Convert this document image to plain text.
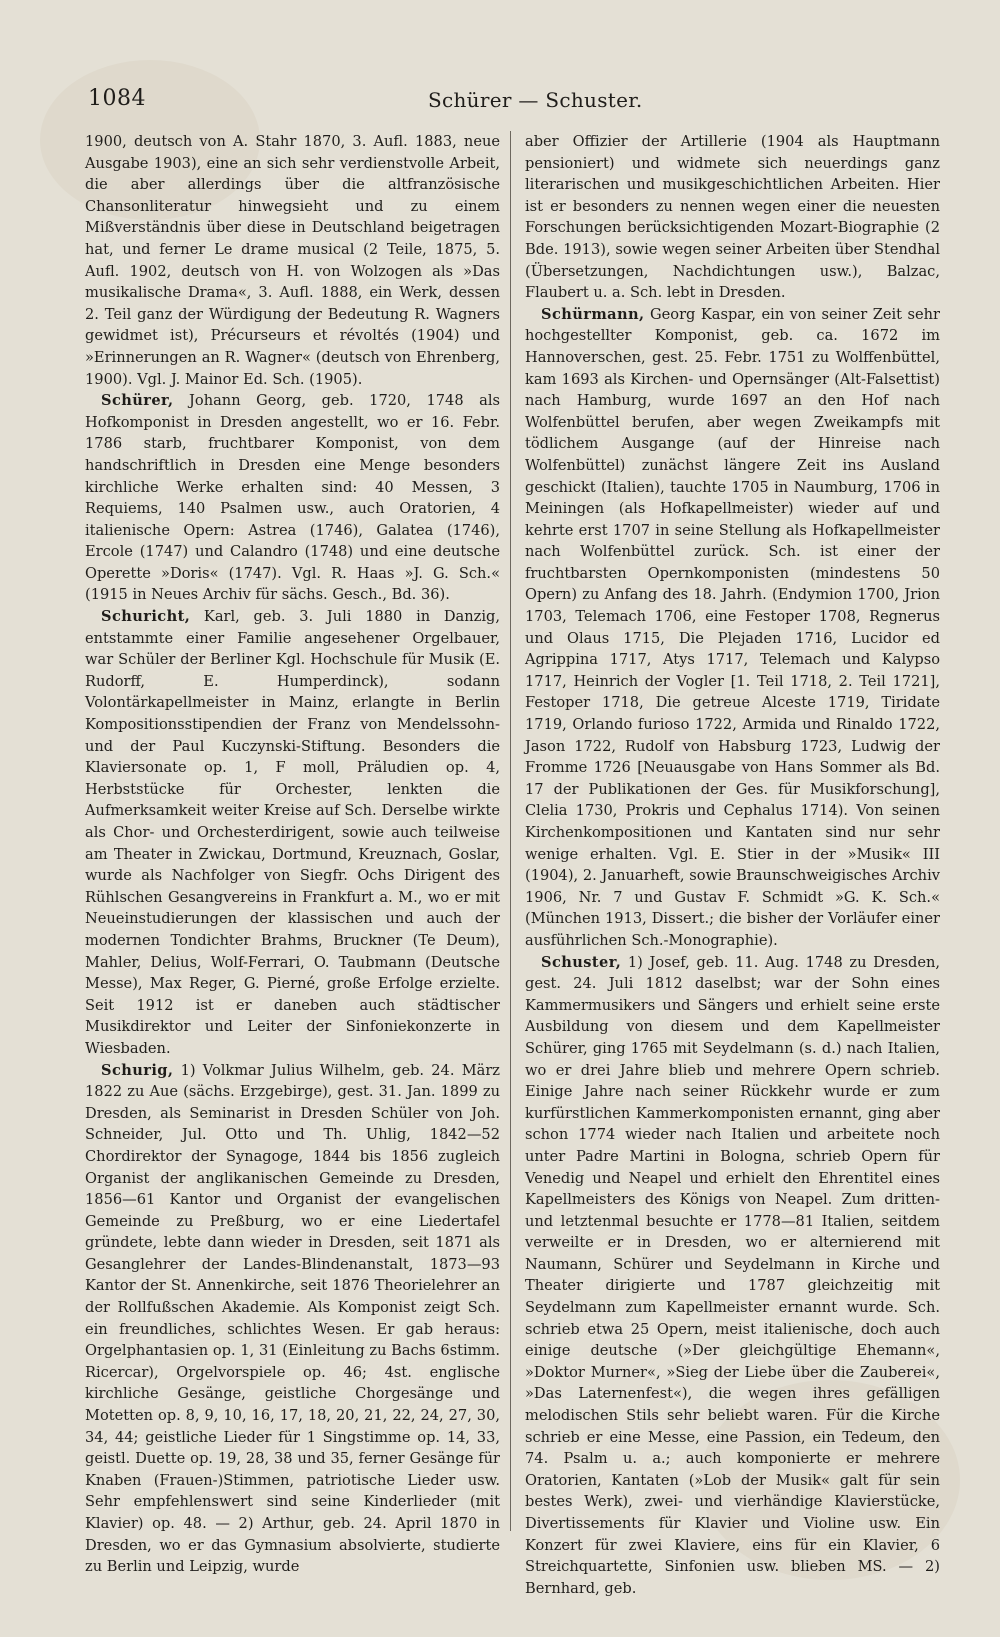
1084	Schürer — Schuster.

1900, deutsch von A. Stahr 1870, 3. Aufl. 1883, neue Ausgabe 1903), eine an sich sehr verdienstvolle Arbeit, die aber allerdings über die altfranzösische Chansonliteratur hinwegsieht und zu einem Mißverständnis über diese in Deutschland beigetragen hat, und ferner Le drame musical (2 Teile, 1875, 5. Aufl. 1902, deutsch von H. von Wolzogen als »Das musikalische Drama«, 3. Aufl. 1888, ein Werk, dessen 2. Teil ganz der Würdigung der Bedeutung R. Wagners gewidmet ist), Précurseurs et révoltés (1904) und »Erinnerungen an R. Wagner« (deutsch von Ehrenberg, 1900). Vgl. J. Mainor Ed. Sch. (1905).

Schürer, Johann Georg, geb. 1720, 1748 als Hofkomponist in Dresden angestellt, wo er 16. Febr. 1786 starb, fruchtbarer Komponist, von dem handschriftlich in Dresden eine Menge besonders kirchliche Werke erhalten sind: 40 Messen, 3 Requiems, 140 Psalmen usw., auch Oratorien, 4 italienische Opern: Astrea (1746), Galatea (1746), Ercole (1747) und Calandro (1748) und eine deutsche Operette »Doris« (1747). Vgl. R. Haas »J. G. Sch.« (1915 in Neues Archiv für sächs. Gesch., Bd. 36).

Schuricht, Karl, geb. 3. Juli 1880 in Danzig, entstammte einer Familie angesehener Orgelbauer, war Schüler der Berliner Kgl. Hochschule für Musik (E. Rudorff, E. Humperdinck), sodann Volontärkapellmeister in Mainz, erlangte in Berlin Kompositionsstipendien der Franz von Mendelssohn- und der Paul Kuczynski-Stiftung. Besonders die Klaviersonate op. 1, F moll, Präludien op. 4, Herbststücke für Orchester, lenkten die Aufmerksamkeit weiter Kreise auf Sch. Derselbe wirkte als Chor- und Orchesterdirigent, sowie auch teilweise am Theater in Zwickau, Dortmund, Kreuznach, Goslar, wurde als Nachfolger von Siegfr. Ochs Dirigent des Rühlschen Gesangvereins in Frankfurt a. M., wo er mit Neueinstudierungen der klassischen und auch der modernen Tondichter Brahms, Bruckner (Te Deum), Mahler, Delius, Wolf-Ferrari, O. Taubmann (Deutsche Messe), Max Reger, G. Pierné, große Erfolge erzielte. Seit 1912 ist er daneben auch städtischer Musikdirektor und Leiter der Sinfoniekonzerte in Wiesbaden.

Schurig, 1) Volkmar Julius Wilhelm, geb. 24. März 1822 zu Aue (sächs. Erzgebirge), gest. 31. Jan. 1899 zu Dresden, als Seminarist in Dresden Schüler von Joh. Schneider, Jul. Otto und Th. Uhlig, 1842—52 Chordirektor der Synagoge, 1844 bis 1856 zugleich Organist der anglikanischen Gemeinde zu Dresden, 1856—61 Kantor und Organist der evangelischen Gemeinde zu Preßburg, wo er eine Liedertafel gründete, lebte dann wieder in Dresden, seit 1871 als Gesanglehrer der Landes-Blindenanstalt, 1873—93 Kantor der St. Annenkirche, seit 1876 Theorielehrer an der Rollfußschen Akademie. Als Komponist zeigt Sch. ein freundliches, schlichtes Wesen. Er gab heraus: Orgelphantasien op. 1, 31 (Einleitung zu Bachs 6stimm. Ricercar), Orgelvorspiele op. 46; 4st. englische kirchliche Gesänge, geistliche Chorgesänge und Motetten op. 8, 9, 10, 16, 17, 18, 20, 21, 22, 24, 27, 30, 34, 44; geistliche Lieder für 1 Singstimme op. 14, 33, geistl. Duette op. 19, 28, 38 und 35, ferner Gesänge für Knaben (Frauen-)Stimmen, patriotische Lieder usw. Sehr empfehlenswert sind seine Kinderlieder (mit Klavier) op. 48. — 2) Arthur, geb. 24. April 1870 in Dresden, wo er das Gymnasium absolvierte, studierte zu Berlin und Leipzig, wurde

aber Offizier der Artillerie (1904 als Hauptmann pensioniert) und widmete sich neuerdings ganz literarischen und musikgeschichtlichen Arbeiten. Hier ist er besonders zu nennen wegen einer die neuesten Forschungen berücksichtigenden Mozart-Biographie (2 Bde. 1913), sowie wegen seiner Arbeiten über Stendhal (Übersetzungen, Nachdichtungen usw.), Balzac, Flaubert u. a. Sch. lebt in Dresden.

Schürmann, Georg Kaspar, ein von seiner Zeit sehr hochgestellter Komponist, geb. ca. 1672 im Hannoverschen, gest. 25. Febr. 1751 zu Wolffenbüttel, kam 1693 als Kirchen- und Opernsänger (Alt-Falsettist) nach Hamburg, wurde 1697 an den Hof nach Wolfenbüttel berufen, aber wegen Zweikampfs mit tödlichem Ausgange (auf der Hinreise nach Wolfenbüttel) zunächst längere Zeit ins Ausland geschickt (Italien), tauchte 1705 in Naumburg, 1706 in Meiningen (als Hofkapellmeister) wieder auf und kehrte erst 1707 in seine Stellung als Hofkapellmeister nach Wolfenbüttel zurück. Sch. ist einer der fruchtbarsten Opernkomponisten (mindestens 50 Opern) zu Anfang des 18. Jahrh. (Endymion 1700, Jrion 1703, Telemach 1706, eine Festoper 1708, Regnerus und Olaus 1715, Die Plejaden 1716, Lucidor ed Agrippina 1717, Atys 1717, Telemach und Kalypso 1717, Heinrich der Vogler [1. Teil 1718, 2. Teil 1721], Festoper 1718, Die getreue Alceste 1719, Tiridate 1719, Orlando furioso 1722, Armida und Rinaldo 1722, Jason 1722, Rudolf von Habsburg 1723, Ludwig der Fromme 1726 [Neuausgabe von Hans Sommer als Bd. 17 der Publikationen der Ges. für Musikforschung], Clelia 1730, Prokris und Cephalus 1714). Von seinen Kirchenkompositionen und Kantaten sind nur sehr wenige erhalten. Vgl. E. Stier in der »Musik« III (1904), 2. Januarheft, sowie Braunschweigisches Archiv 1906, Nr. 7 und Gustav F. Schmidt »G. K. Sch.« (München 1913, Dissert.; die bisher der Vorläufer einer ausführlichen Sch.-Monographie).

Schuster, 1) Josef, geb. 11. Aug. 1748 zu Dresden, gest. 24. Juli 1812 daselbst; war der Sohn eines Kammermusikers und Sängers und erhielt seine erste Ausbildung von diesem und dem Kapellmeister Schürer, ging 1765 mit Seydelmann (s. d.) nach Italien, wo er drei Jahre blieb und mehrere Opern schrieb. Einige Jahre nach seiner Rückkehr wurde er zum kurfürstlichen Kammerkomponisten ernannt, ging aber schon 1774 wieder nach Italien und arbeitete noch unter Padre Martini in Bologna, schrieb Opern für Venedig und Neapel und erhielt den Ehrentitel eines Kapellmeisters des Königs von Neapel. Zum dritten- und letztenmal besuchte er 1778—81 Italien, seitdem verweilte er in Dresden, wo er alternierend mit Naumann, Schürer und Seydelmann in Kirche und Theater dirigierte und 1787 gleichzeitig mit Seydelmann zum Kapellmeister ernannt wurde. Sch. schrieb etwa 25 Opern, meist italienische, doch auch einige deutsche (»Der gleichgültige Ehemann«, »Doktor Murner«, »Sieg der Liebe über die Zauberei«, »Das Laternenfest«), die wegen ihres gefälligen melodischen Stils sehr beliebt waren. Für die Kirche schrieb er eine Messe, eine Passion, ein Tedeum, den 74. Psalm u. a.; auch komponierte er mehrere Oratorien, Kantaten (»Lob der Musik« galt für sein bestes Werk), zwei- und vierhändige Klavierstücke, Divertissements für Klavier und Violine usw. Ein Konzert für zwei Klaviere, eins für ein Klavier, 6 Streichquartette, Sinfonien usw. blieben MS. — 2) Bernhard, geb.
